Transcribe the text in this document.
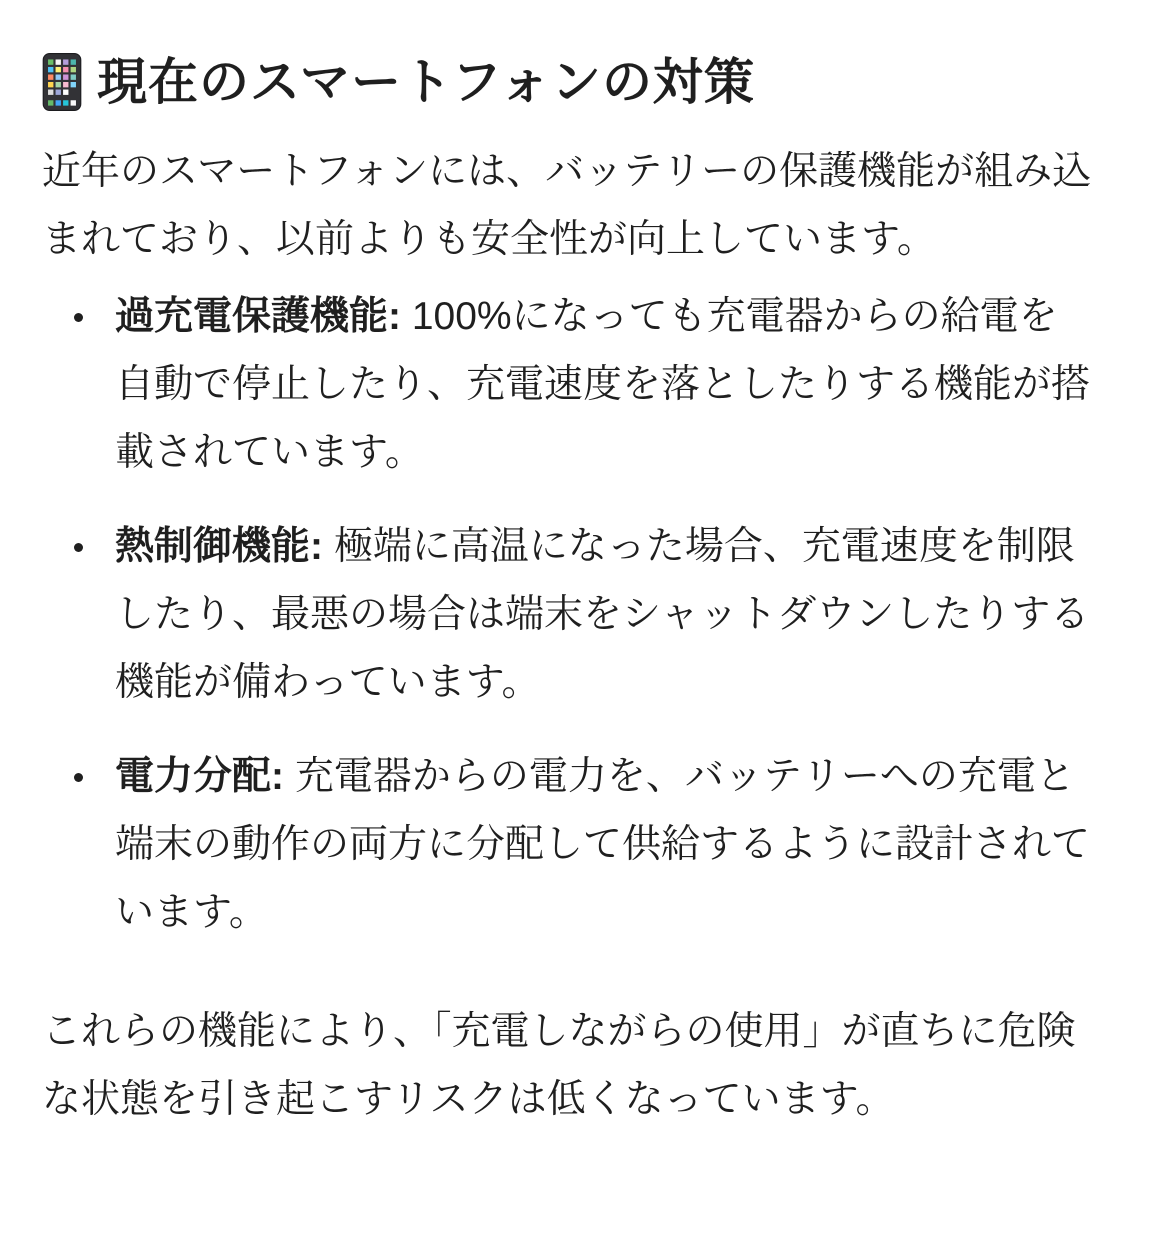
現在のスマートフォンの対策

近年のスマートフォンには、バッテリーの保護機能が組み込まれており、以前よりも安全性が向上しています。

過充電保護機能: 100%になっても充電器からの給電を自動で停止したり、充電速度を落としたりする機能が搭載されています。
熱制御機能: 極端に高温になった場合、充電速度を制限したり、最悪の場合は端末をシャットダウンしたりする機能が備わっています。
電力分配: 充電器からの電力を、バッテリーへの充電と端末の動作の両方に分配して供給するように設計されています。

これらの機能により、「充電しながらの使用」が直ちに危険な状態を引き起こすリスクは低くなっています。
